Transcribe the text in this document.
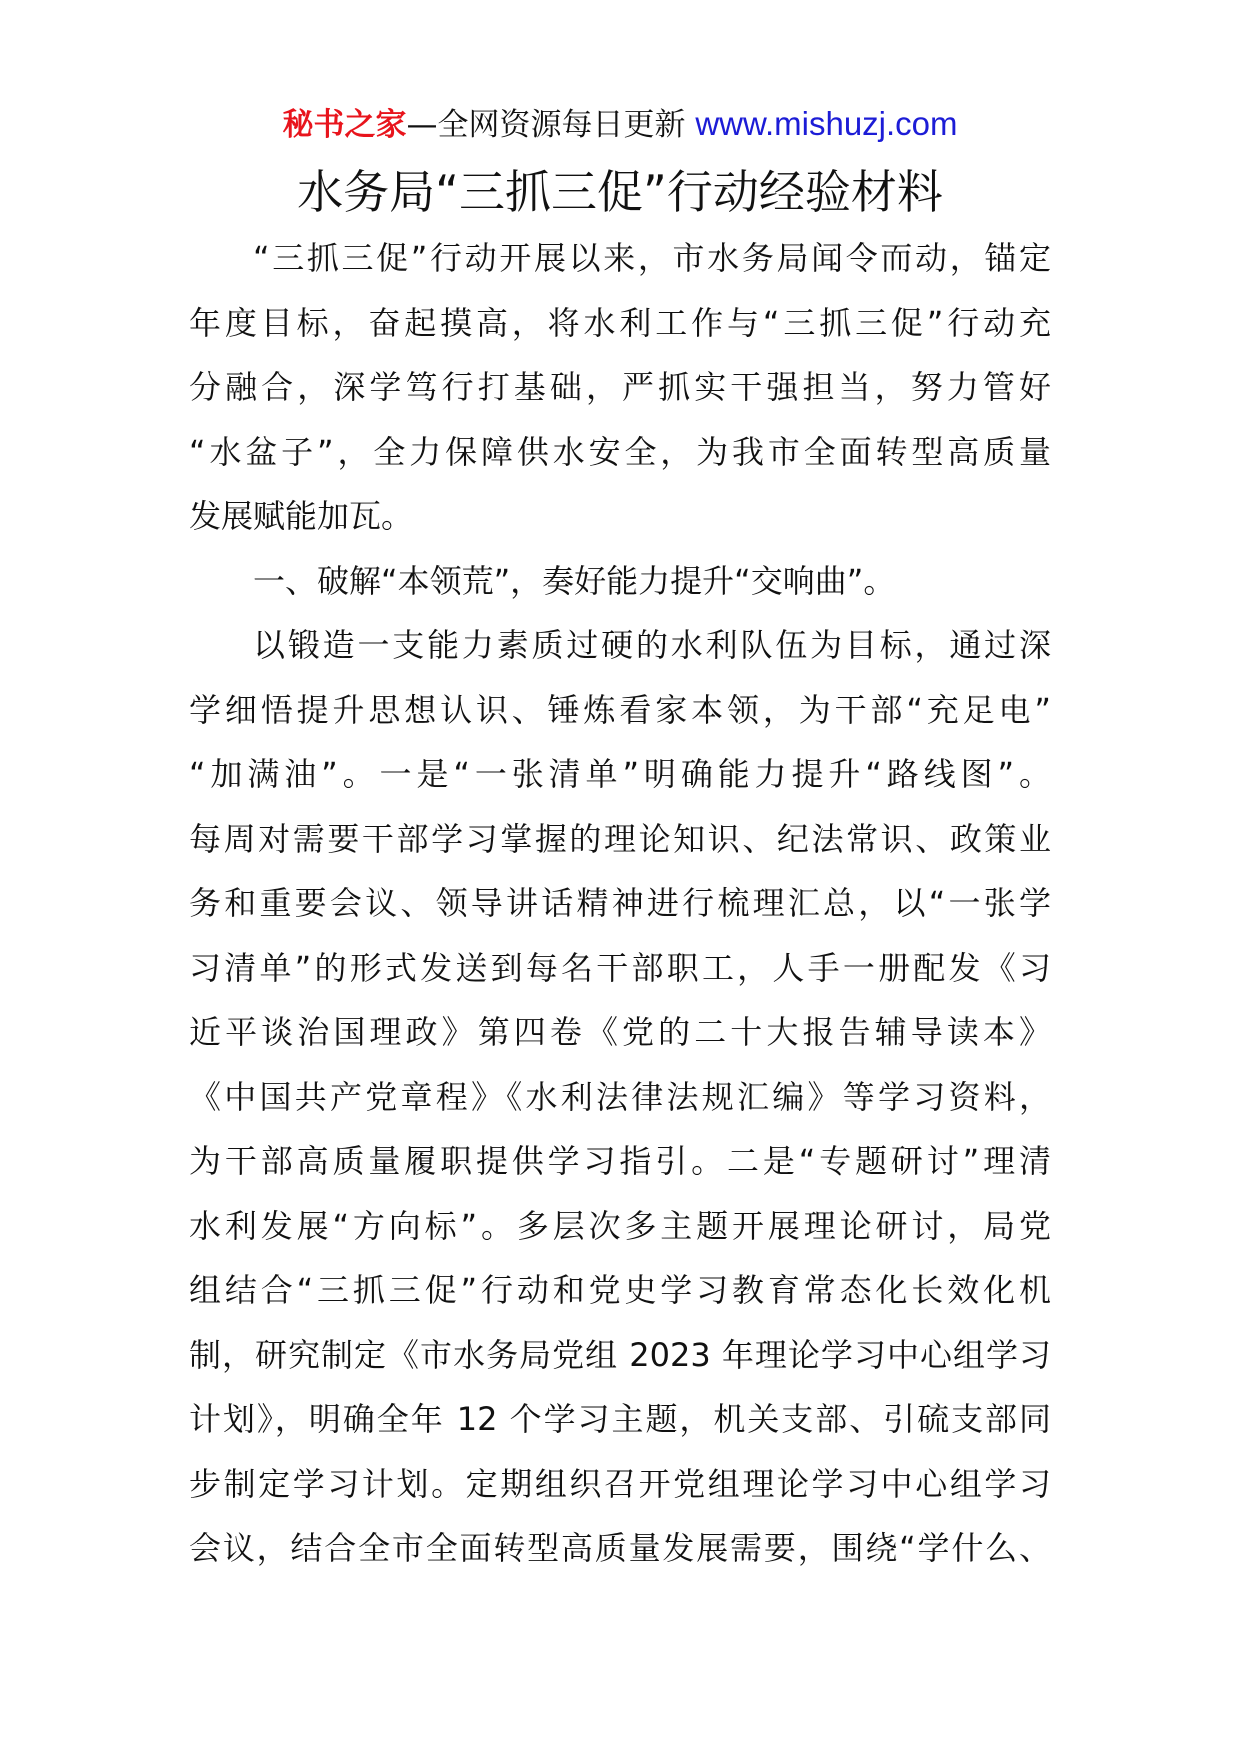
秘书之家—全网资源每日更新 www.mishuzj.com
水务局“三抓三促”行动经验材料
“三抓三促”行动开展以来，市水务局闻令而动，锚定
年度目标，奋起摸高，将水利工作与“三抓三促”行动充
分融合，深学笃行打基础，严抓实干强担当，努力管好
“水盆子”，全力保障供水安全，为我市全面转型高质量
发展赋能加瓦。
一、破解“本领荒”，奏好能力提升“交响曲”。
以锻造一支能力素质过硬的水利队伍为目标，通过深
学细悟提升思想认识、锤炼看家本领，为干部“充足电”
“加满油”。一是“一张清单”明确能力提升“路线图”。
每周对需要干部学习掌握的理论知识、纪法常识、政策业
务和重要会议、领导讲话精神进行梳理汇总，以“一张学
习清单”的形式发送到每名干部职工，人手一册配发《习
近平谈治国理政》第四卷《党的二十大报告辅导读本》
《中国共产党章程》《水利法律法规汇编》等学习资料，
为干部高质量履职提供学习指引。二是“专题研讨”理清
水利发展“方向标”。多层次多主题开展理论研讨，局党
组结合“三抓三促”行动和党史学习教育常态化长效化机
制，研究制定《市水务局党组 2023 年理论学习中心组学习
计划》，明确全年 12 个学习主题，机关支部、引硫支部同
步制定学习计划。定期组织召开党组理论学习中心组学习
会议，结合全市全面转型高质量发展需要，围绕“学什么、
